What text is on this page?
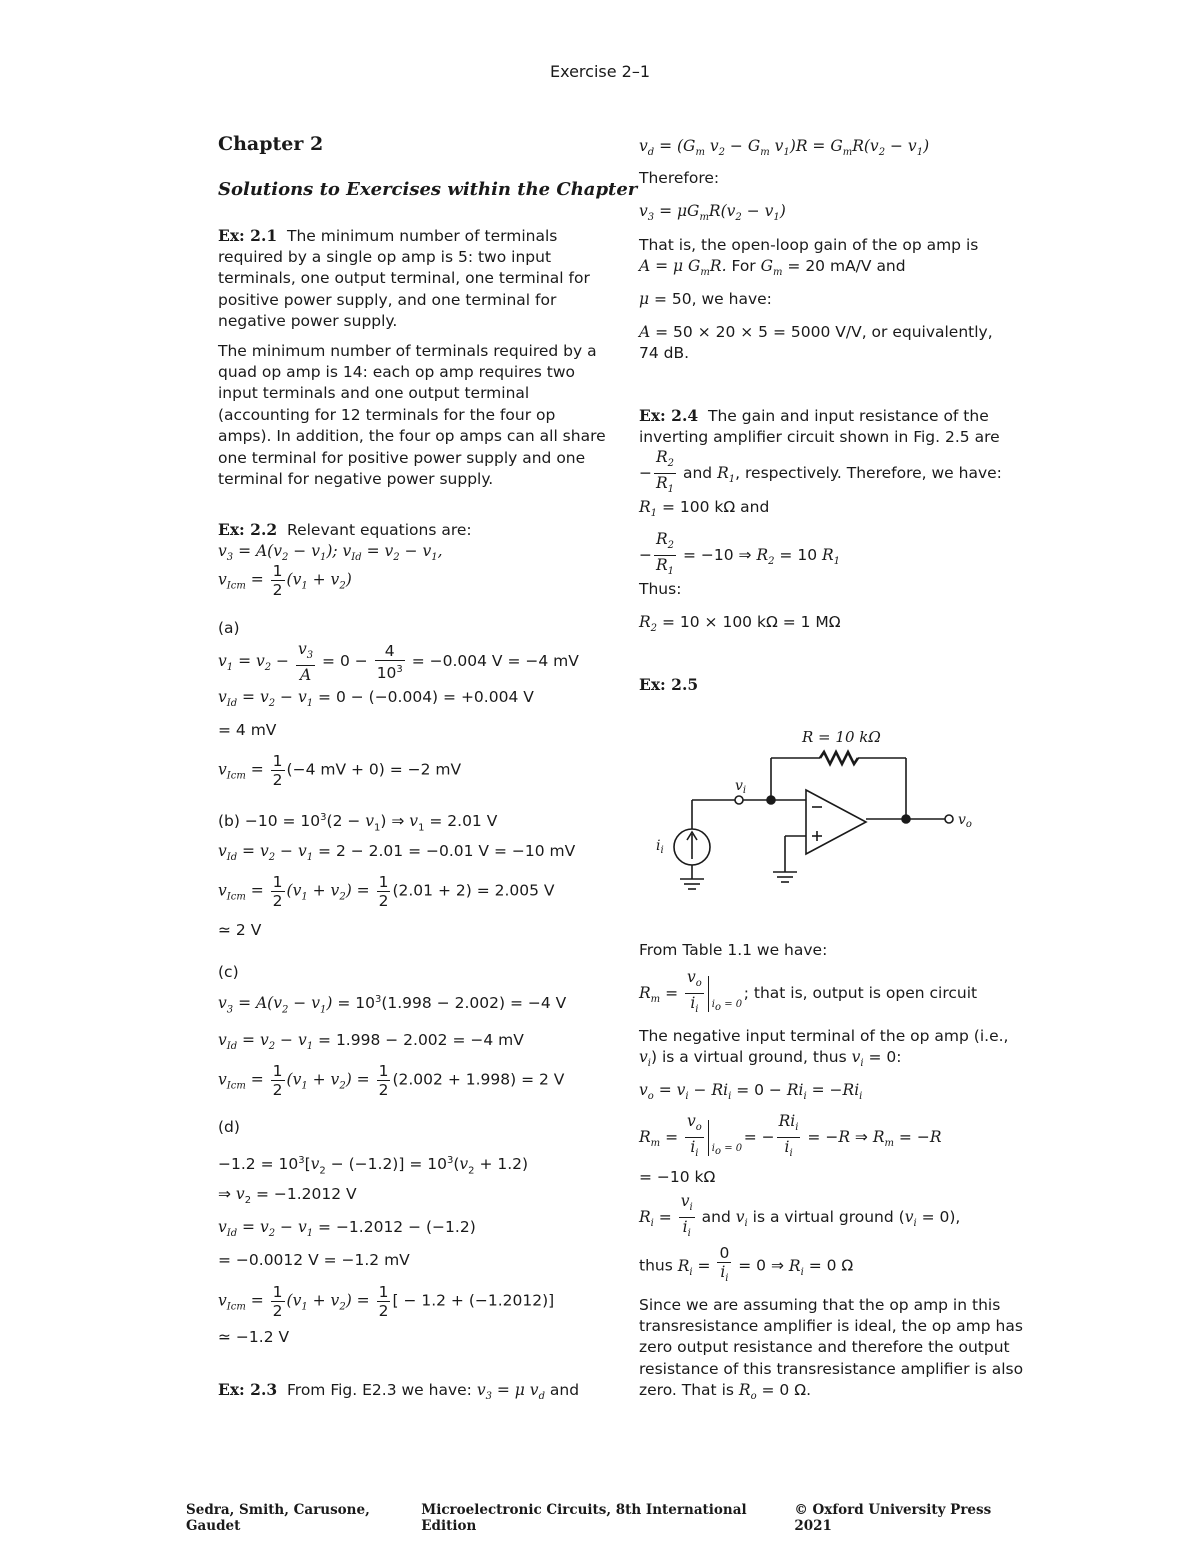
Exercise 2–1
Chapter 2
Solutions to Exercises within the Chapter
Ex: 2.1 The minimum number of terminals
required by a single op amp is 5: two input
terminals, one output terminal, one terminal for
positive power supply, and one terminal for
negative power supply.
The minimum number of terminals required by a
quad op amp is 14: each op amp requires two
input terminals and one output terminal
(accounting for 12 terminals for the four op
amps). In addition, the four op amps can all share
one terminal for positive power supply and one
terminal for negative power supply.
Ex: 2.2 Relevant equations are:
$v_3 = A(v_2 - v_1)$; $v_{Id} = v_2 - v_1$,
$v_{Icm} = \frac{1}{2} (v_1 + v_2)$
(a)
$v_1 = v_2 - \frac{v_3}{A} = 0 - \frac{4}{10^3} = -0.004$ V = −4 mV
$v_{Id} = v_2 - v_1 = 0 - (-0.004) = +0.004$ V
= 4 mV
$v_{Icm} = \frac{1}{2} (-4$ mV + 0) = −2 mV
$(b) -10 = 10^3(2 - v_1)$ ⇒ $v_1 = 2.01$ V
$v_{Id} = v_2 - v_1 = 2 - 2.01 = -0.01$ V = −10 mV
$v_{Icm} = \frac{1}{2} (v_1 + v_2) = \frac{1}{2} (2.01 + 2) = 2.005$ V
≃ 2 V
(c)
$v_3 = A(v_2 - v_1) = 10^3(1.998 - 2.002) = -4$ V
$v_{Id} = v_2 - v_1 = 1.998 - 2.002 = -4$ mV
$v_{Icm} = \frac{1}{2} (v_1 + v_2) = \frac{1}{2} (2.002 + 1.998) = 2$ V
(d)
$-1.2 = 10^3[v_2 - (-1.2)] = 10^3(v_2 + 1.2)$
⇒ $v_2 = -1.2012$ V
$v_{Id} = v_2 - v_1 = -1.2012 - (-1.2)$
= −0.0012 V = −1.2 mV
$v_{Icm} = \frac{1}{2} (v_1 + v_2) = \frac{1}{2}$ [ − 1.2 + (−1.2012)]
≃ −1.2 V
Ex: 2.3 From Fig. E2.3 we have: $v_3 = \mu$ $v_d$ and
$v_d = (G_m$ $v_2 - G_m$ $v_1)R = G_mR(v_2 - v_1)$
Therefore:
$v_3 = \mu G_mR(v_2 - v_1)$
That is, the open-loop gain of the op amp is
A = μ $G_mR$. For $G_m = 20$ mA/V and
μ = 50, we have:
A = 50 × 20 × 5 = 5000 V/V, or equivalently,
74 dB.
Ex: 2.4 The gain and input resistance of the
inverting amplifier circuit shown in Fig. 2.5 are
− $\frac{R_2}{R_1}$ and $R_1$, respectively. Therefore, we have:
$R_1 = 100$ kΩ and
− $\frac{R_2}{R_1} = -10$ ⇒ $R_2 = 10$ $R_1$
Thus:
$R_2 = 10 \times 100$ kΩ = 1 MΩ
Ex: 2.5
From Table 1.1 we have:
$R_m = \frac{v_o}{i_i} i_o = 0$
; that is, output is open circuit
The negative input terminal of the op amp (i.e.,
$v_i$) is a virtual ground, thus $v_i = 0$:
$v_o = v_i - Ri_i = 0 - Ri_i = -Ri_i$
$R_m = \frac{v_o}{i_i} i_o = 0$
= − $\frac{Ri_i}{i_i} = -R$ ⇒ $R_m = -R$
= −10 kΩ
$R_i = \frac{v_i}{i_i}$ and $v_i$ is a virtual ground $(v_i = 0)$,
thus $R_i = \frac{0}{i_i} = 0$ ⇒ $R_i = 0$ Ω
Since we are assuming that the op amp in this
transresistance amplifier is ideal, the op amp has
zero output resistance and therefore the output
resistance of this transresistance amplifier is also
zero. That is $R_o = 0$ Ω.
R = 10 kΩ
$v_i$
$v_o$
$i_i$
Sedra, Smith, Carusone, Gaudet
Microelectronic Circuits, 8th International Edition
© Oxford University Press 2021
